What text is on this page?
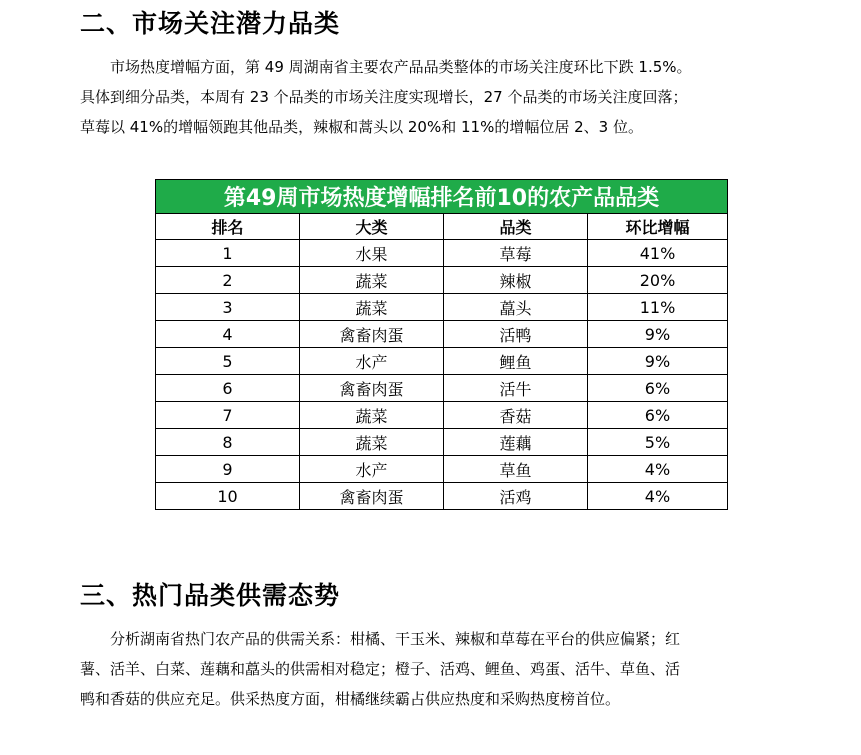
二、市场关注潜力品类

市场热度增幅方面，第 49 周湖南省主要农产品品类整体的市场关注度环比下跌 1.5%。

具体到细分品类，本周有 23 个品类的市场关注度实现增长，27 个品类的市场关注度回落；

草莓以 41%的增幅领跑其他品类，辣椒和蒿头以 20%和 11%的增幅位居 2、3 位。

第49周市场热度增幅排名前10的农产品品类			
排名	大类	品类	环比增幅
1	水果	草莓	41%
2	蔬菜	辣椒	20%
3	蔬菜	藠头	11%
4	禽畜肉蛋	活鸭	9%
5	水产	鲤鱼	9%
6	禽畜肉蛋	活牛	6%
7	蔬菜	香菇	6%
8	蔬菜	莲藕	5%
9	水产	草鱼	4%
10	禽畜肉蛋	活鸡	4%
三、热门品类供需态势

分析湖南省热门农产品的供需关系：柑橘、干玉米、辣椒和草莓在平台的供应偏紧；红

薯、活羊、白菜、莲藕和藠头的供需相对稳定；橙子、活鸡、鲤鱼、鸡蛋、活牛、草鱼、活

鸭和香菇的供应充足。供采热度方面，柑橘继续霸占供应热度和采购热度榜首位。
